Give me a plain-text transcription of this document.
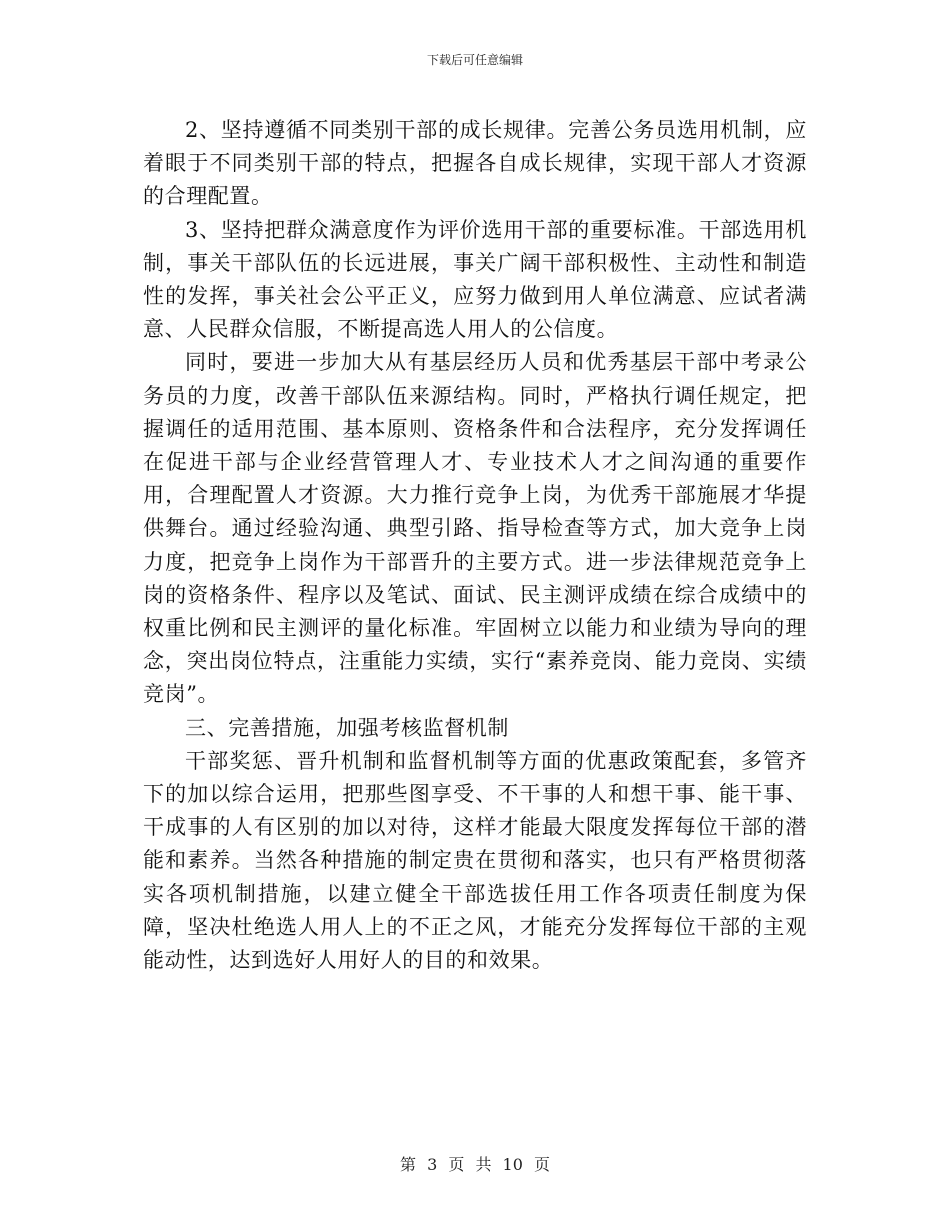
下载后可任意编辑

2、坚持遵循不同类别干部的成长规律。完善公务员选用机制，应着眼于不同类别干部的特点，把握各自成长规律，实现干部人才资源的合理配置。

3、坚持把群众满意度作为评价选用干部的重要标准。干部选用机制，事关干部队伍的长远进展，事关广阔干部积极性、主动性和制造性的发挥，事关社会公平正义，应努力做到用人单位满意、应试者满意、人民群众信服，不断提高选人用人的公信度。

同时，要进一步加大从有基层经历人员和优秀基层干部中考录公务员的力度，改善干部队伍来源结构。同时，严格执行调任规定，把握调任的适用范围、基本原则、资格条件和合法程序，充分发挥调任在促进干部与企业经营管理人才、专业技术人才之间沟通的重要作用，合理配置人才资源。大力推行竞争上岗，为优秀干部施展才华提供舞台。通过经验沟通、典型引路、指导检查等方式，加大竞争上岗力度，把竞争上岗作为干部晋升的主要方式。进一步法律规范竞争上岗的资格条件、程序以及笔试、面试、民主测评成绩在综合成绩中的权重比例和民主测评的量化标准。牢固树立以能力和业绩为导向的理念，突出岗位特点，注重能力实绩，实行“素养竞岗、能力竞岗、实绩竞岗”。

三、完善措施，加强考核监督机制

干部奖惩、晋升机制和监督机制等方面的优惠政策配套，多管齐下的加以综合运用，把那些图享受、不干事的人和想干事、能干事、干成事的人有区别的加以对待，这样才能最大限度发挥每位干部的潜能和素养。当然各种措施的制定贵在贯彻和落实，也只有严格贯彻落实各项机制措施，以建立健全干部选拔任用工作各项责任制度为保障，坚决杜绝选人用人上的不正之风，才能充分发挥每位干部的主观能动性，达到选好人用好人的目的和效果。

第 3 页 共 10 页
